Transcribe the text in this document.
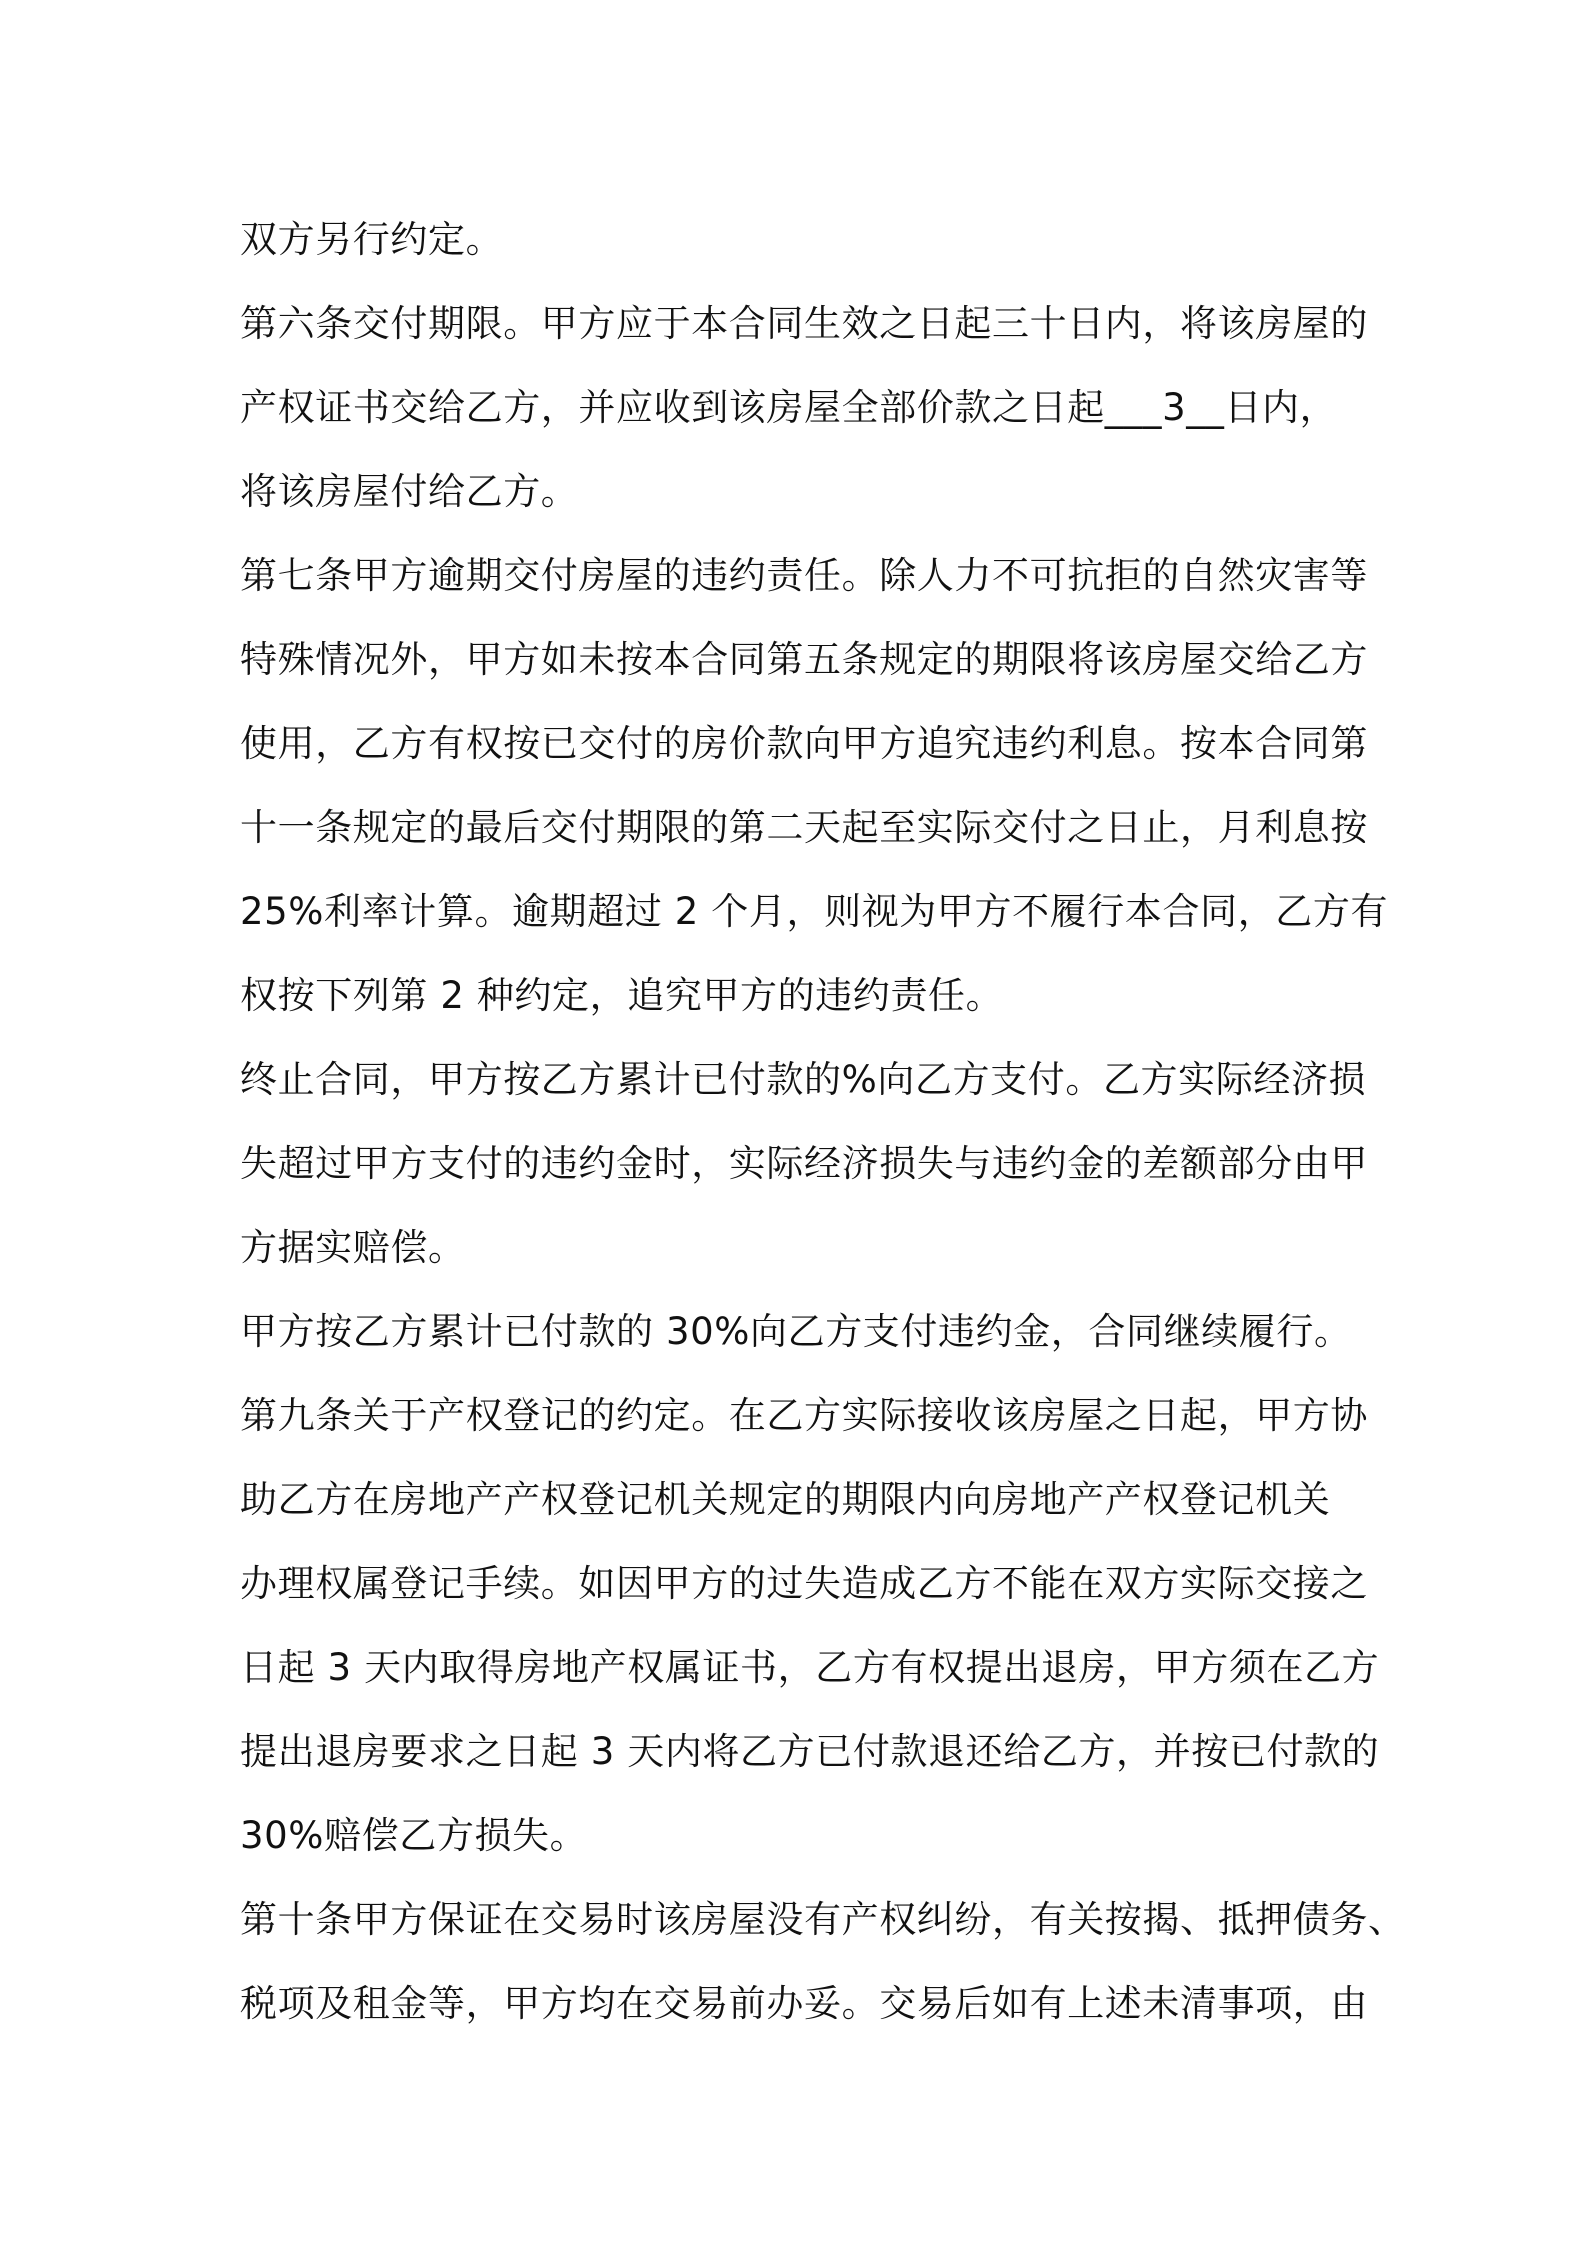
双方另行约定。
第六条交付期限。甲方应于本合同生效之日起三十日内，将该房屋的
产权证书交给乙方，并应收到该房屋全部价款之日起___3__日内，
将该房屋付给乙方。
第七条甲方逾期交付房屋的违约责任。除人力不可抗拒的自然灾害等
特殊情况外，甲方如未按本合同第五条规定的期限将该房屋交给乙方
使用，乙方有权按已交付的房价款向甲方追究违约利息。按本合同第
十一条规定的最后交付期限的第二天起至实际交付之日止，月利息按
25%利率计算。逾期超过 2 个月，则视为甲方不履行本合同，乙方有
权按下列第 2 种约定，追究甲方的违约责任。
终止合同，甲方按乙方累计已付款的%向乙方支付。乙方实际经济损
失超过甲方支付的违约金时，实际经济损失与违约金的差额部分由甲
方据实赔偿。
甲方按乙方累计已付款的 30%向乙方支付违约金，合同继续履行。
第九条关于产权登记的约定。在乙方实际接收该房屋之日起，甲方协
助乙方在房地产产权登记机关规定的期限内向房地产产权登记机关
办理权属登记手续。如因甲方的过失造成乙方不能在双方实际交接之
日起 3 天内取得房地产权属证书，乙方有权提出退房，甲方须在乙方
提出退房要求之日起 3 天内将乙方已付款退还给乙方，并按已付款的
30%赔偿乙方损失。
第十条甲方保证在交易时该房屋没有产权纠纷，有关按揭、抵押债务、
税项及租金等，甲方均在交易前办妥。交易后如有上述未清事项，由
